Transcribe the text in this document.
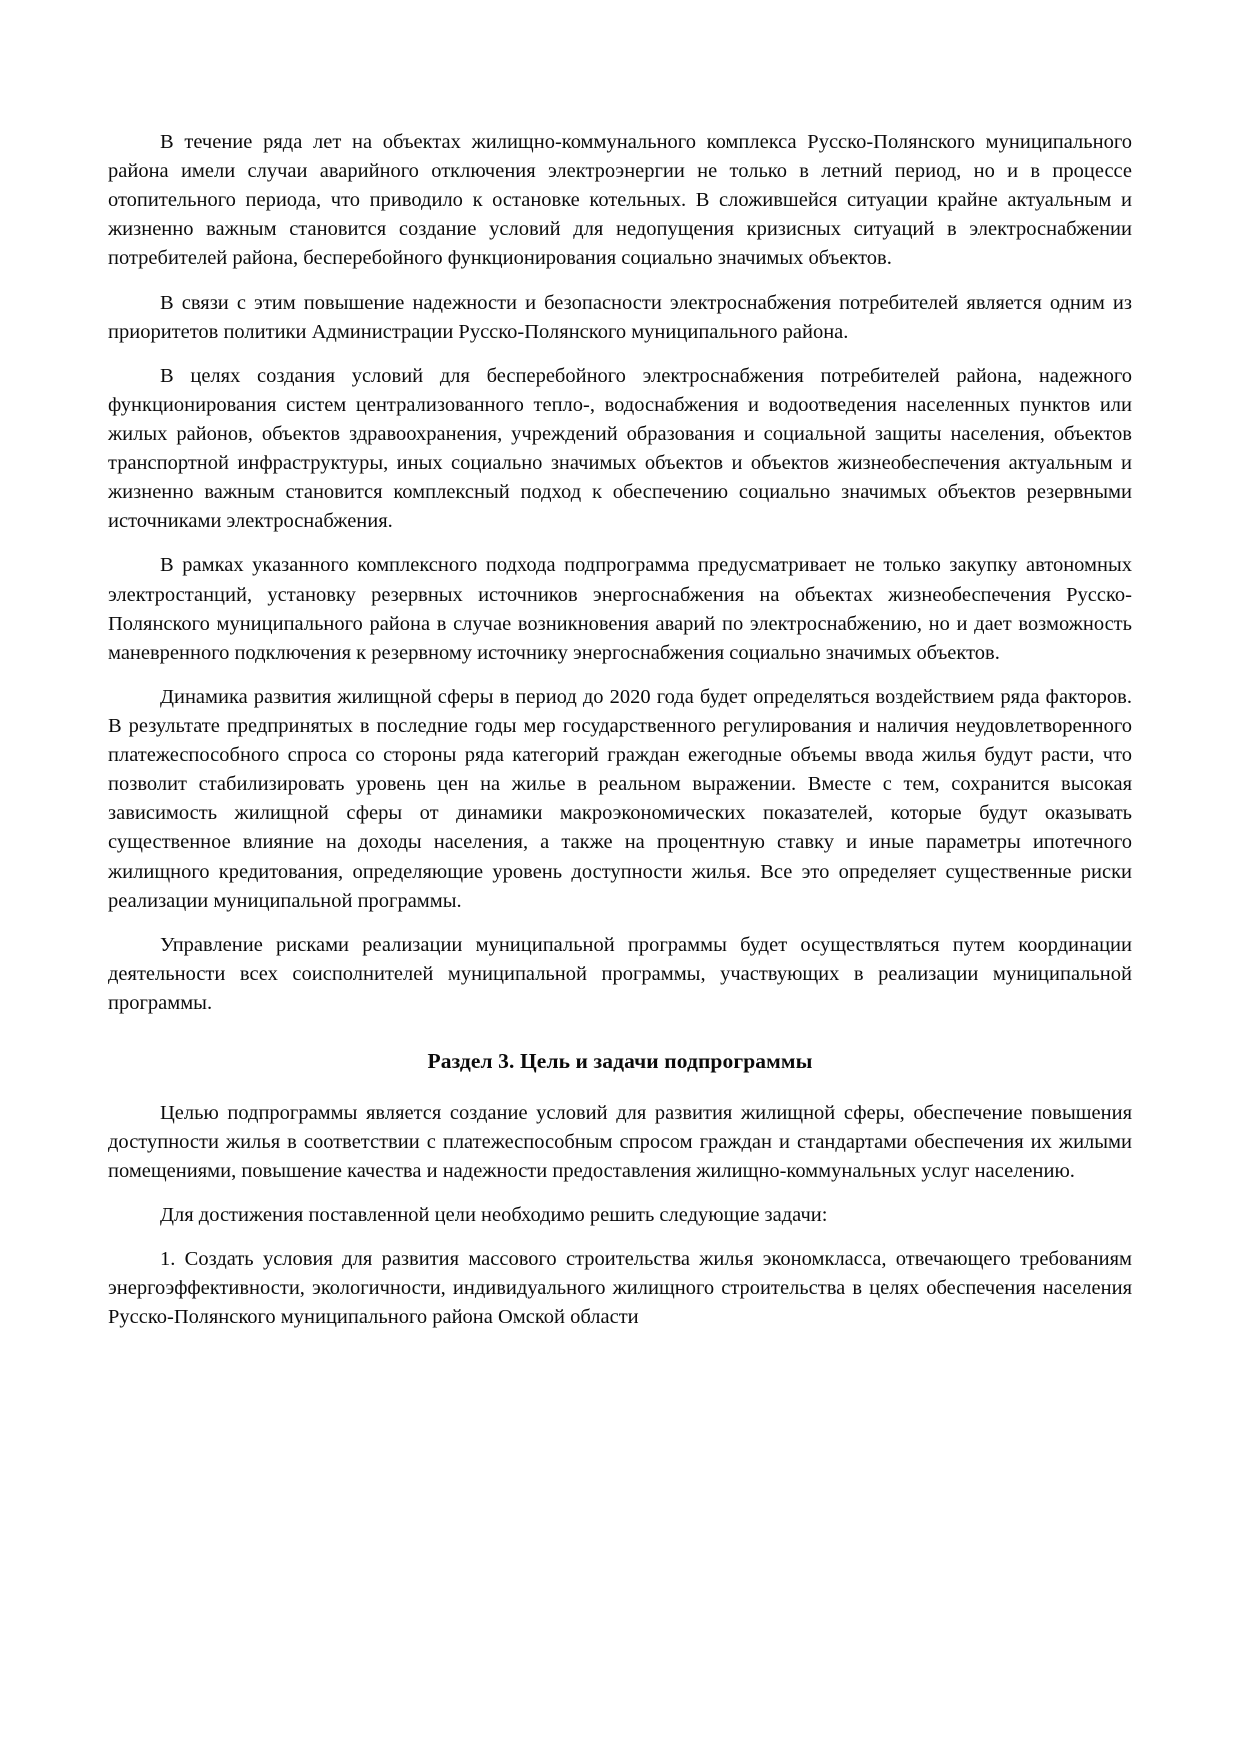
В течение ряда лет на объектах жилищно-коммунального комплекса Русско-Полянского муниципального района имели случаи аварийного отключения электроэнергии не только в летний период, но и в процессе отопительного периода, что приводило к остановке котельных. В сложившейся ситуации крайне актуальным и жизненно важным становится создание условий для недопущения кризисных ситуаций в электроснабжении потребителей района, бесперебойного функционирования социально значимых объектов.

В связи с этим повышение надежности и безопасности электроснабжения потребителей является одним из приоритетов политики Администрации Русско-Полянского муниципального района.

В целях создания условий для бесперебойного электроснабжения потребителей района, надежного функционирования систем централизованного тепло-, водоснабжения и водоотведения населенных пунктов или жилых районов, объектов здравоохранения, учреждений образования и социальной защиты населения, объектов транспортной инфраструктуры, иных социально значимых объектов и объектов жизнеобеспечения актуальным и жизненно важным становится комплексный подход к обеспечению социально значимых объектов резервными источниками электроснабжения.

В рамках указанного комплексного подхода подпрограмма предусматривает не только закупку автономных электростанций, установку резервных источников энергоснабжения на объектах жизнеобеспечения Русско-Полянского муниципального района в случае возникновения аварий по электроснабжению, но и дает возможность маневренного подключения к резервному источнику энергоснабжения социально значимых объектов.

Динамика развития жилищной сферы в период до 2020 года будет определяться воздействием ряда факторов. В результате предпринятых в последние годы мер государственного регулирования и наличия неудовлетворенного платежеспособного спроса со стороны ряда категорий граждан ежегодные объемы ввода жилья будут расти, что позволит стабилизировать уровень цен на жилье в реальном выражении. Вместе с тем, сохранится высокая зависимость жилищной сферы от динамики макроэкономических показателей, которые будут оказывать существенное влияние на доходы населения, а также на процентную ставку и иные параметры ипотечного жилищного кредитования, определяющие уровень доступности жилья. Все это определяет существенные риски реализации муниципальной программы.

Управление рисками реализации муниципальной программы будет осуществляться путем координации деятельности всех соисполнителей муниципальной программы, участвующих в реализации муниципальной программы.

Раздел 3. Цель и задачи подпрограммы

Целью подпрограммы является создание условий для развития жилищной сферы, обеспечение повышения доступности жилья в соответствии с платежеспособным спросом граждан и стандартами обеспечения их жилыми помещениями, повышение качества и надежности предоставления жилищно-коммунальных услуг населению.

Для достижения поставленной цели необходимо решить следующие задачи:

1. Создать условия для развития массового строительства жилья экономкласса, отвечающего требованиям энергоэффективности, экологичности, индивидуального жилищного строительства в целях обеспечения населения Русско-Полянского муниципального района Омской области
